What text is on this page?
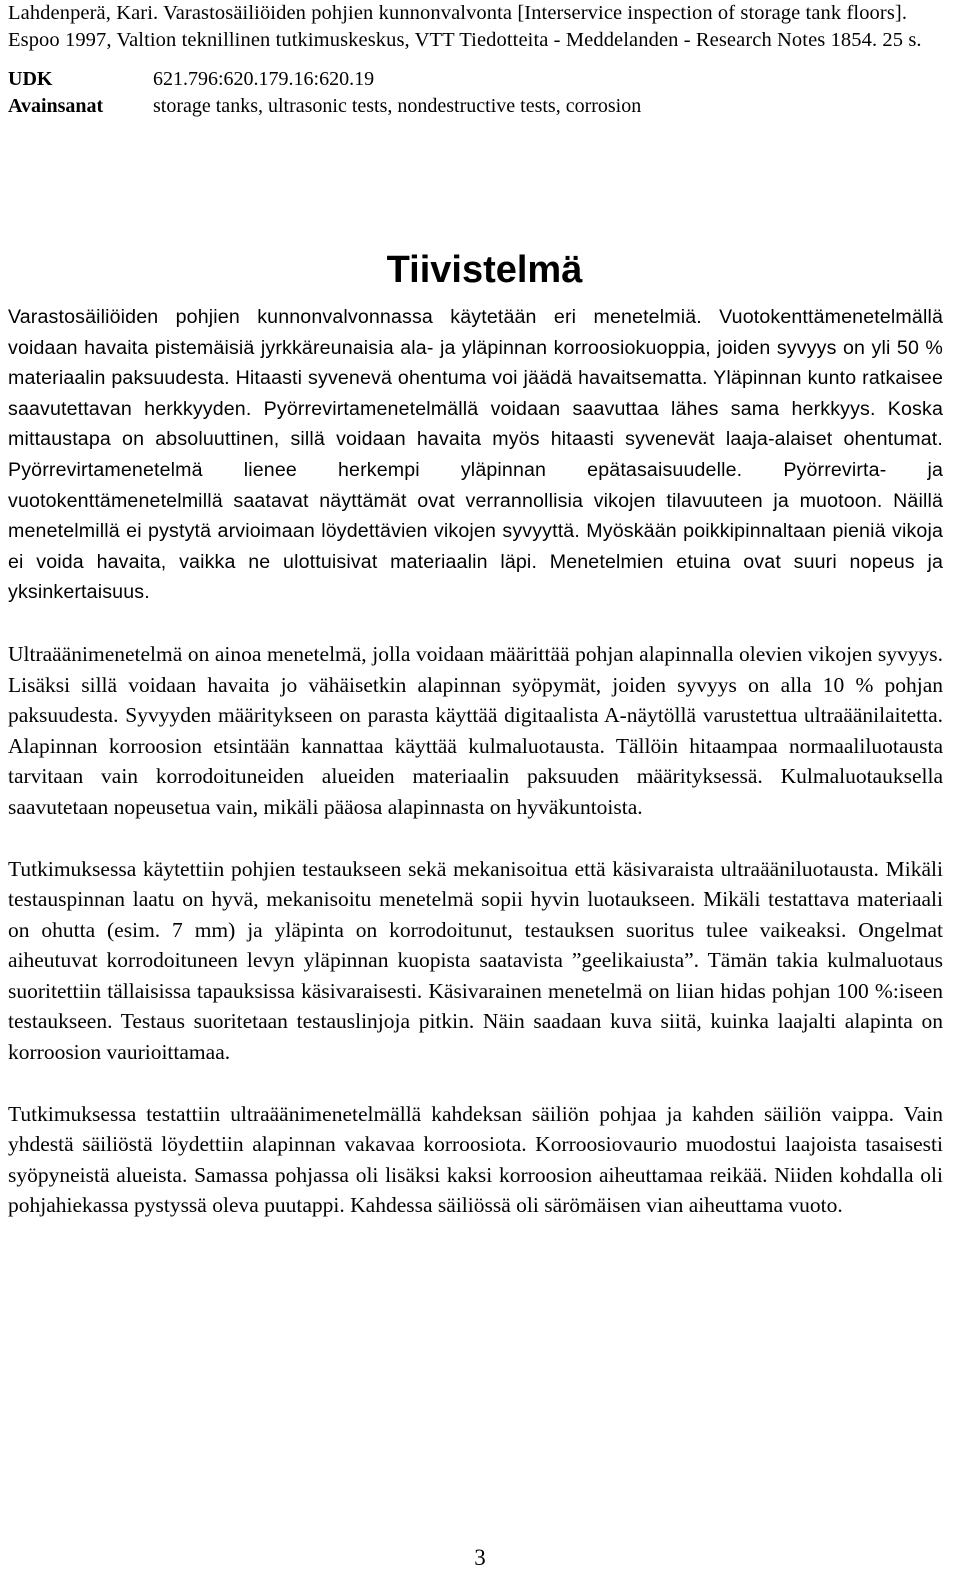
Lahdenperä, Kari. Varastosäiliöiden pohjien kunnonvalvonta [Interservice inspection of storage tank floors]. Espoo 1997, Valtion teknillinen tutkimuskeskus, VTT Tiedotteita - Meddelanden - Research Notes 1854. 25 s.
UDK	621.796:620.179.16:620.19
Avainsanat	storage tanks, ultrasonic tests, nondestructive tests, corrosion
Tiivistelmä

Varastosäiliöiden pohjien kunnonvalvonnassa käytetään eri menetelmiä. Vuotokenttämenetelmällä voidaan havaita pistemäisiä jyrkkäreunaisia ala- ja yläpinnan korroosiokuoppia, joiden syvyys on yli 50 % materiaalin paksuudesta. Hitaasti syvenevä ohentuma voi jäädä havaitsematta. Yläpinnan kunto ratkaisee saavutettavan herkkyyden. Pyörrevirtamenetelmällä voidaan saavuttaa lähes sama herkkyys. Koska mittaustapa on absoluuttinen, sillä voidaan havaita myös hitaasti syvenevät laaja-alaiset ohentumat. Pyörrevirtamenetelmä lienee herkempi yläpinnan epätasaisuudelle. Pyörrevirta- ja vuotokenttämenetelmillä saatavat näyttämät ovat verrannollisia vikojen tilavuuteen ja muotoon. Näillä menetelmillä ei pystytä arvioimaan löydettävien vikojen syvyyttä. Myöskään poikkipinnaltaan pieniä vikoja ei voida havaita, vaikka ne ulottuisivat materiaalin läpi. Menetelmien etuina ovat suuri nopeus ja yksinkertaisuus.

Ultraäänimenetelmä on ainoa menetelmä, jolla voidaan määrittää pohjan alapinnalla olevien vikojen syvyys. Lisäksi sillä voidaan havaita jo vähäisetkin alapinnan syöpymät, joiden syvyys on alla 10 % pohjan paksuudesta. Syvyyden määritykseen on parasta käyttää digitaalista A-näytöllä varustettua ultraäänilaitetta. Alapinnan korroosion etsintään kannattaa käyttää kulmaluotausta. Tällöin hitaampaa normaaliluotausta tarvitaan vain korrodoituneiden alueiden materiaalin paksuuden määrityksessä. Kulmaluotauksella saavutetaan nopeusetua vain, mikäli pääosa alapinnasta on hyväkuntoista.

Tutkimuksessa käytettiin pohjien testaukseen sekä mekanisoitua että käsivaraista ultraääniluotausta. Mikäli testauspinnan laatu on hyvä, mekanisoitu menetelmä sopii hyvin luotaukseen. Mikäli testattava materiaali on ohutta (esim. 7 mm) ja yläpinta on korrodoitunut, testauksen suoritus tulee vaikeaksi. Ongelmat aiheutuvat korrodoituneen levyn yläpinnan kuopista saatavista ”geelikaiusta”. Tämän takia kulmaluotaus suoritettiin tällaisissa tapauksissa käsivaraisesti. Käsivarainen menetelmä on liian hidas pohjan 100 %:iseen testaukseen. Testaus suoritetaan testauslinjoja pitkin. Näin saadaan kuva siitä, kuinka laajalti alapinta on korroosion vaurioittamaa.

Tutkimuksessa testattiin ultraäänimenetelmällä kahdeksan säiliön pohjaa ja kahden säiliön vaippa. Vain yhdestä säiliöstä löydettiin alapinnan vakavaa korroosiota. Korroosiovaurio muodostui laajoista tasaisesti syöpyneistä alueista. Samassa pohjassa oli lisäksi kaksi korroosion aiheuttamaa reikää. Niiden kohdalla oli pohjahiekassa pystyssä oleva puutappi. Kahdessa säiliössä oli särömäisen vian aiheuttama vuoto.

3
